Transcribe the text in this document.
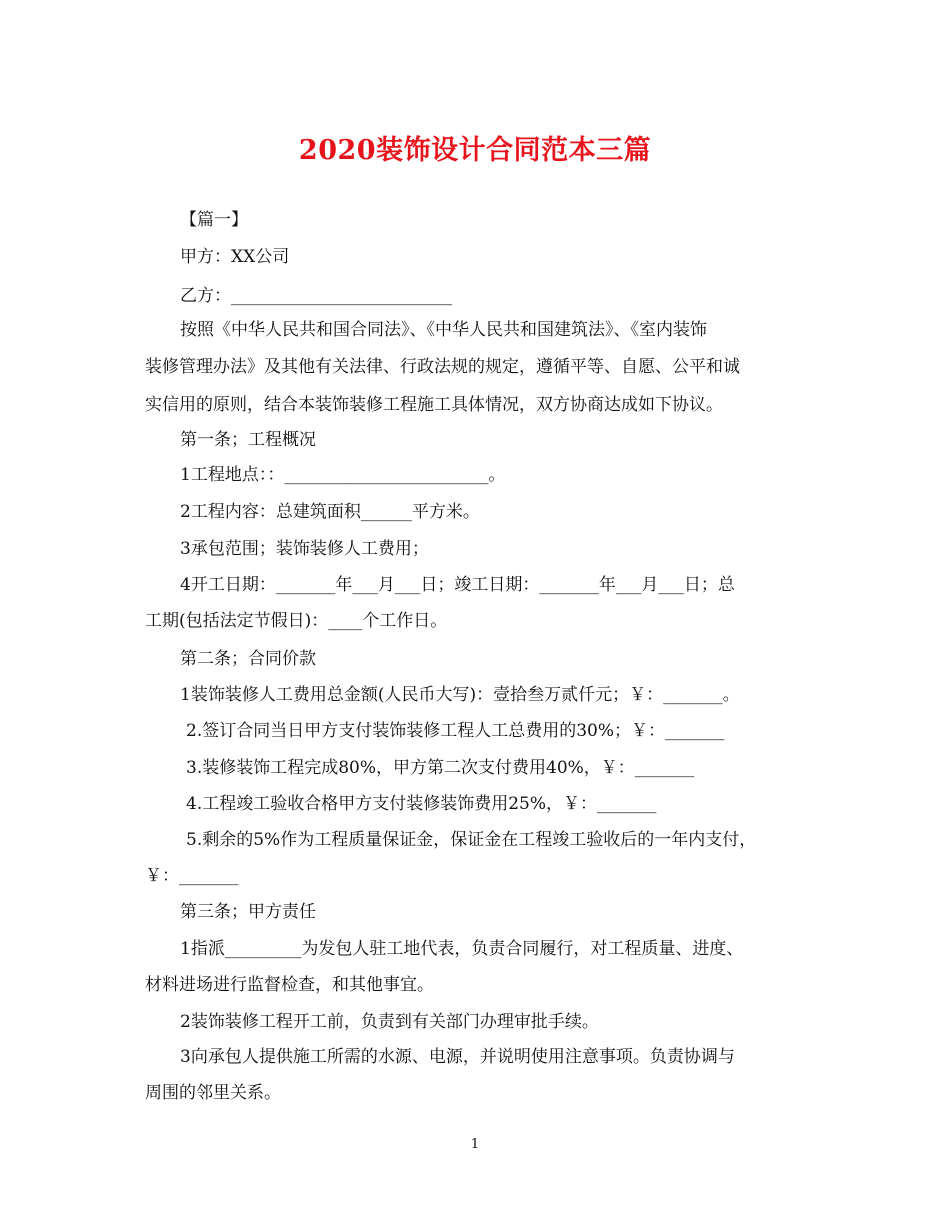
2020装饰设计合同范本三篇
【篇一】
甲方：XX公司
乙方：__________________________
按照《中华人民共和国合同法》、《中华人民共和国建筑法》、《室内装饰
装修管理办法》及其他有关法律、行政法规的规定，遵循平等、自愿、公平和诚
实信用的原则，结合本装饰装修工程施工具体情况，双方协商达成如下协议。
第一条；工程概况
1工程地点：：________________________。
2工程内容：总建筑面积______平方米。
3承包范围；装饰装修人工费用；
4开工日期：_______年___月___日；竣工日期：_______年___月___日；总
工期(包括法定节假日)：____个工作日。
第二条；合同价款
1装饰装修人工费用总金额(人民币大写)：壹拾叁万贰仟元；￥：_______。
2.签订合同当日甲方支付装饰装修工程人工总费用的30%；￥：_______
3.装修装饰工程完成80%，甲方第二次支付费用40%，￥：_______
4.工程竣工验收合格甲方支付装修装饰费用25%，￥：_______
5.剩余的5%作为工程质量保证金，保证金在工程竣工验收后的一年内支付，
￥：_______
第三条；甲方责任
1指派_________为发包人驻工地代表，负责合同履行，对工程质量、进度、
材料进场进行监督检查，和其他事宜。
2装饰装修工程开工前，负责到有关部门办理审批手续。
3向承包人提供施工所需的水源、电源，并说明使用注意事项。负责协调与
周围的邻里关系。
1
